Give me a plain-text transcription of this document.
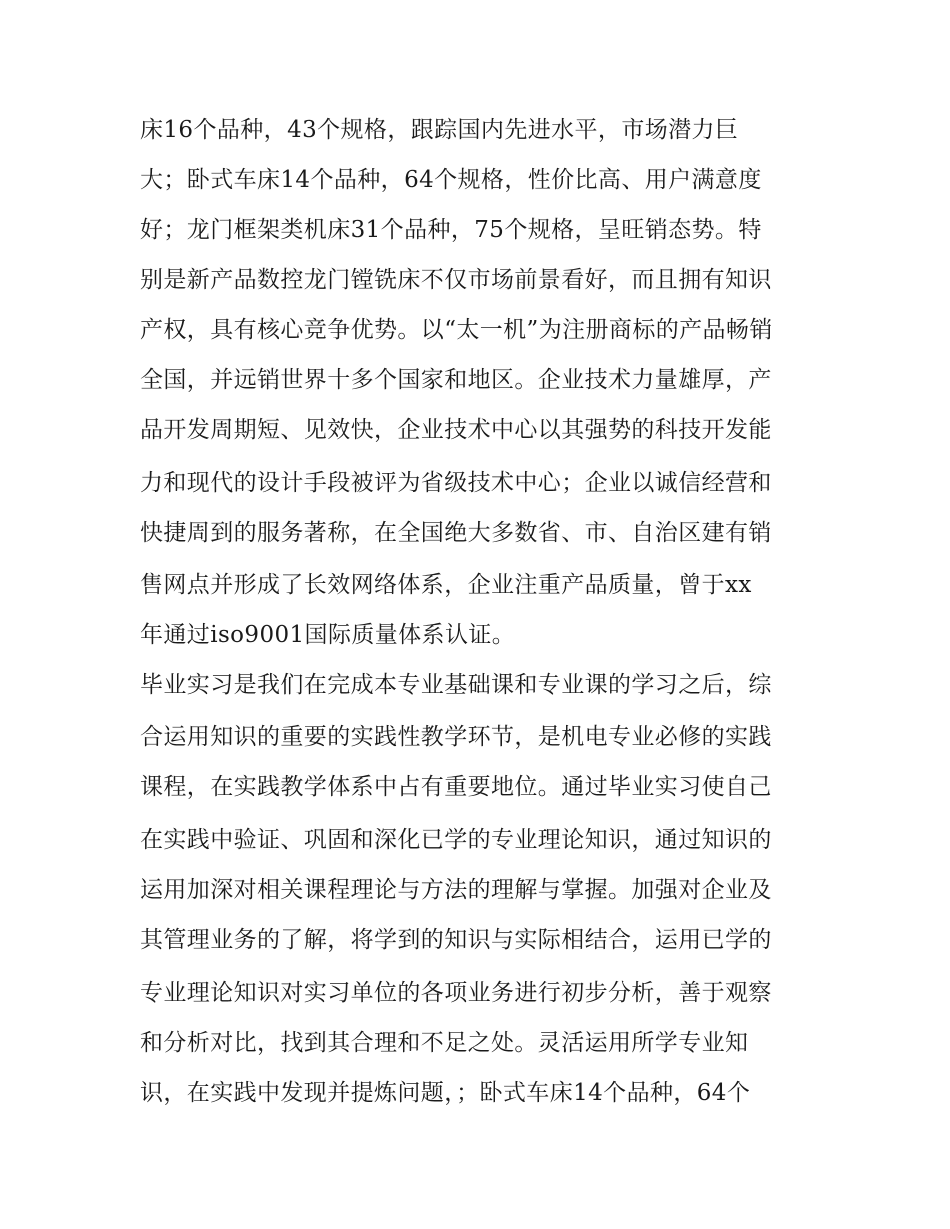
床16个品种，43个规格，跟踪国内先进水平，市场潜力巨
大；卧式车床14个品种，64个规格，性价比高、用户满意度
好；龙门框架类机床31个品种，75个规格，呈旺销态势。特
别是新产品数控龙门镗铣床不仅市场前景看好，而且拥有知识
产权，具有核心竞争优势。以“太一机”为注册商标的产品畅销
全国，并远销世界十多个国家和地区。企业技术力量雄厚，产
品开发周期短、见效快，企业技术中心以其强势的科技开发能
力和现代的设计手段被评为省级技术中心；企业以诚信经营和
快捷周到的服务著称，在全国绝大多数省、市、自治区建有销
售网点并形成了长效网络体系，企业注重产品质量，曾于xx
年通过iso9001国际质量体系认证。
毕业实习是我们在完成本专业基础课和专业课的学习之后，综
合运用知识的重要的实践性教学环节，是机电专业必修的实践
课程，在实践教学体系中占有重要地位。通过毕业实习使自己
在实践中验证、巩固和深化已学的专业理论知识，通过知识的
运用加深对相关课程理论与方法的理解与掌握。加强对企业及
其管理业务的了解，将学到的知识与实际相结合，运用已学的
专业理论知识对实习单位的各项业务进行初步分析，善于观察
和分析对比，找到其合理和不足之处。灵活运用所学专业知
识，在实践中发现并提炼问题，；卧式车床14个品种，64个
